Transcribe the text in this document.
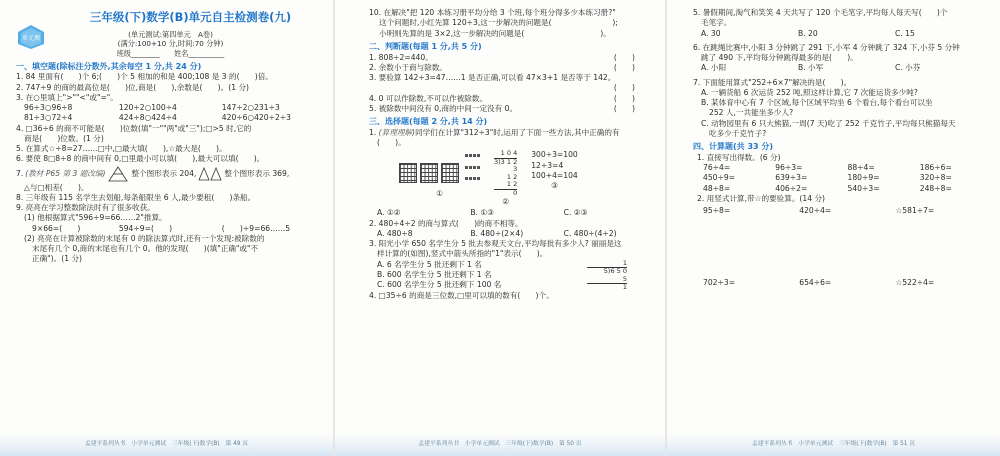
单元测
三年级(下)数学(B)单元自主检测卷(九)
(单元测试:第四单元　A卷)
(满分:100+10 分,时间:70 分钟)
班级________　　姓名__________
一、填空题(除标注分数外,其余每空 1 分,共 24 分)
1. 84 里面有(　　)个 6;(　　)个 5 相加的和是 400;108 是 3 的(　　)倍。
2. 747÷9 的商的最高位是(　　)位,商是(　　),余数是(　　)。(1 分)
3. 在○里填上">""<"或"="。
96÷3○96÷8	120÷2○100÷4	147÷2○231÷3
81÷3○72÷4	424÷8○424÷4	420÷6○420÷2÷3
4. □36÷6 的商不可能是(　　)位数(填"一""两"或"三");□>5 时,它的
商是(　　)位数。(1 分)
5. 在算式☆÷8=27……□中,□最大填(　　),☆最大是(　　)。
6. 要使 8□8÷8 的商中间有 0,□里最小可以填(　　),最大可以填(　　)。
7. (教材 P65 第 3 题改编)	整个图形表示 204,	整个图形表示 369,
△与□相差(　　)。
8. 三年级有 115 名学生去划船,每条船限坐 6 人,最少要租(　　)条船。
9. 亮亮在学习整数除法时有了很多收获。
(1) 他根据算式"596÷9=66……2"推算。
9×66=(　　)	594÷9=(　　)	(　　)÷9=66……5
(2) 亮亮在计算被除数的末尾有 0 的除法算式时,还有一个发现:被除数的
末尾有几个 0,商的末尾也有几个 0。他的发现(　　)(填"正确"或"不
正确")。(1 分)
孟建平系列丛书　小学单元测试　三年级(下)数学(B)　第 49 页
10. 在解决"把 120 本练习册平均分给 3 个班,每个班分得多少本练习册?"
这个问题时,小红先算 120÷3,这一步解决的问题是(　　　　　　　　);
小明则先算的是 3×2,这一步解决的问题是(　　　　　　　　　　)。
二、判断题(每题 1 分,共 5 分)
1. 808÷2=440。	(　　)
2. 余数小于商与除数。	(　　)
3. 要验算 142÷3=47……1 是否正确,可以看 47×3+1 是否等于 142。
(　　)
4. 0 可以作除数,不可以作被除数。	(　　)
5. 被除数中间没有 0,商的中间一定没有 0。	(　　)
三、选择题(每题 2 分,共 14 分)
1. (算理理解)同学们在计算"312÷3"时,运用了下面一些方法,其中正确的有
(　　)。
①
1 0 4
3)3 1 2
3
1 2
1 2
0
②
300÷3=100
12÷3=4
100+4=104
③
A. ①②	B. ①③	C. ②③
2. 480÷4÷2 的商与算式(　　)的商不相等。
A. 480÷8	B. 480÷(2×4)	C. 480÷(4÷2)
3. 阳光小学 650 名学生分 5 批去参观天文台,平均每批有多少人? 丽丽是这
样计算的(如图),竖式中箭头所指的"1"表示(　　)。
A. 6 名学生分 5 批还剩下 1 名
B. 600 名学生分 5 批还剩下 1 名
C. 600 名学生分 5 批还剩下 100 名
1
5)6 5 0
5
1
4. □35÷6 的商是三位数,□里可以填的数有(　　)个。
孟建平系列丛书　小学单元测试　三年级(下)数学(B)　第 50 页
5. 暑假期间,淘气和笑笑 4 天共写了 120 个毛笔字,平均每人每天写(　　)个
毛笔字。
A. 30	B. 20	C. 15
6. 在跳绳比赛中,小阳 3 分钟跳了 291 下,小军 4 分钟跳了 324 下,小芬 5 分钟
跳了 490 下,平均每分钟跳得最多的是(　　)。
A. 小阳	B. 小军	C. 小芬
7. 下面能用算式"252÷6×7"解决的是(　　)。
A. 一辆货船 6 次运货 252 吨,照这样计算,它 7 次能运货多少吨?
B. 某体育中心有 7 个区域,每个区域平均坐 6 个看台,每个看台可以坐
252 人,一共能坐多少人?
C. 动物园里有 6 只大熊猫,一周(7 天)吃了 252 千克竹子,平均每只熊猫每天
吃多少千克竹子?
四、计算题(共 33 分)
1. 直接写出得数。(6 分)
76÷4=	96÷3=	88÷4=	186÷6=
450÷9=	639÷3=	180÷9=	320÷8=
48÷8=	406÷2=	540÷3=	248÷8=
2. 用竖式计算,带☆的要验算。(14 分)
95÷8=	420÷4=	☆581÷7=
702÷3=	654÷6=	☆522÷4=
孟建平系列丛书　小学单元测试　三年级(下)数学(B)　第 51 页
